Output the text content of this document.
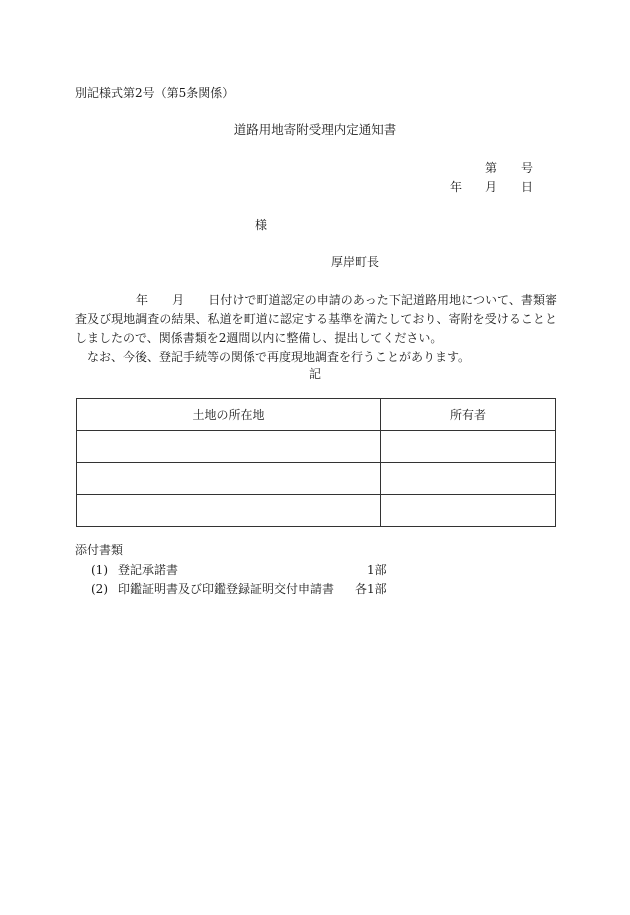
別記様式第2号（第5条関係）
道路用地寄附受理内定通知書
第 号
年 月 日
様
厚岸町長

年 月 日付けで町道認定の申請のあった下記道路用地について、書類審査及び現地調査の結果、私道を町道に認定する基準を満たしており、寄附を受けることとしましたので、関係書類を2週間以内に整備し、提出してください。

なお、今後、登記手続等の関係で再度現地調査を行うことがあります。

記
土地の所在地	所有者

添付書類
(1) 登記承諾書	1部
(2) 印鑑証明書及び印鑑登録証明交付申請書 各1部
